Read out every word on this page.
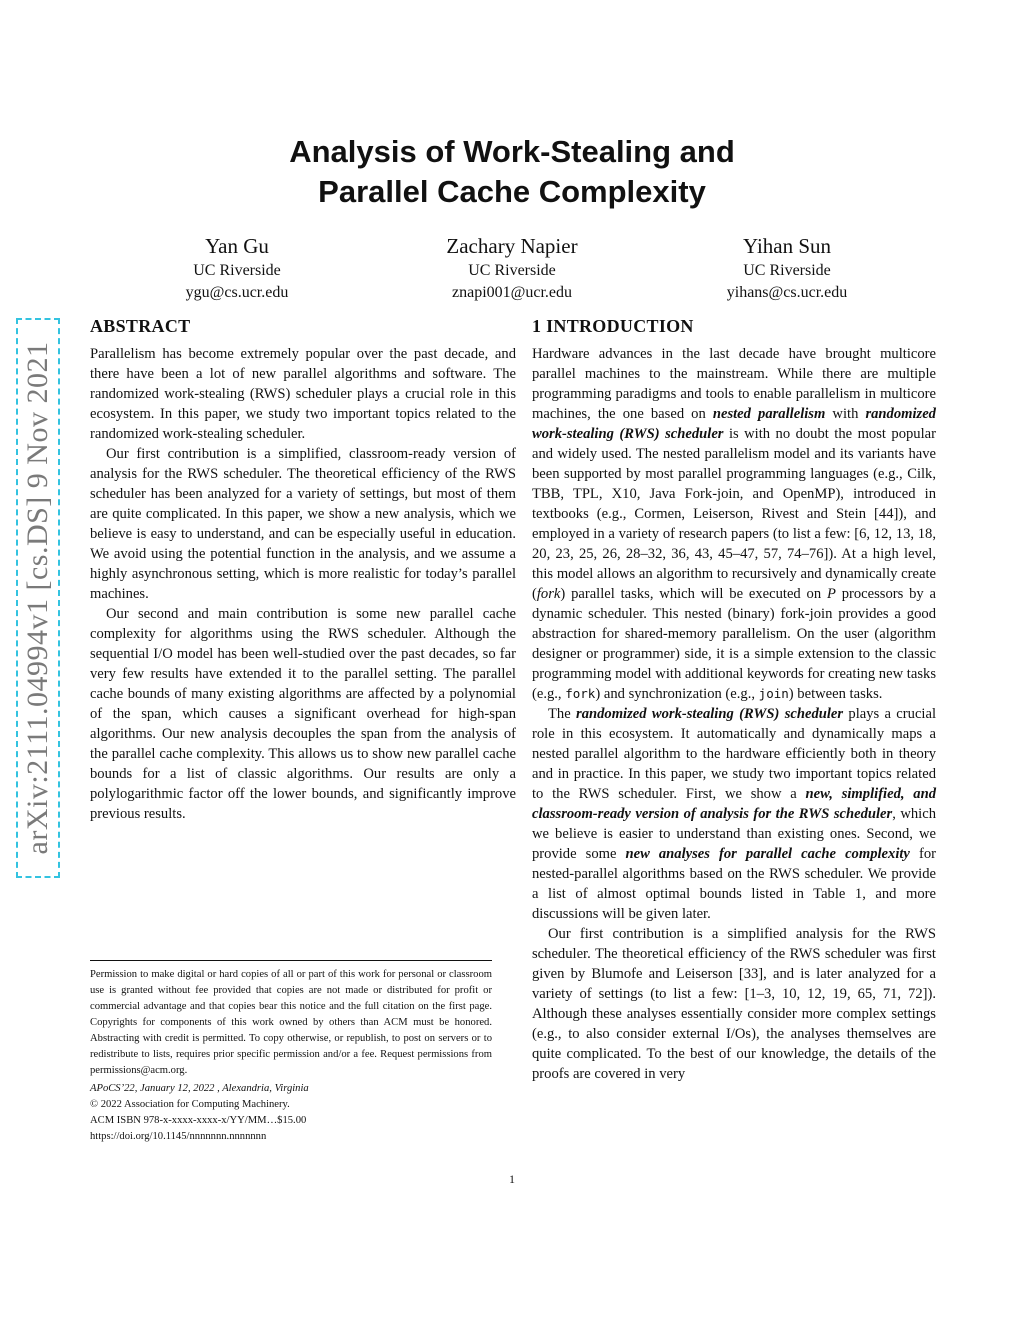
arXiv:2111.04994v1 [cs.DS] 9 Nov 2021
Analysis of Work-Stealing and
Parallel Cache Complexity
Yan Gu
UC Riverside
ygu@cs.ucr.edu
Zachary Napier
UC Riverside
znapi001@ucr.edu
Yihan Sun
UC Riverside
yihans@cs.ucr.edu
ABSTRACT

Parallelism has become extremely popular over the past decade, and there have been a lot of new parallel algorithms and software. The randomized work-stealing (RWS) scheduler plays a crucial role in this ecosystem. In this paper, we study two important topics related to the randomized work-stealing scheduler.

Our first contribution is a simplified, classroom-ready version of analysis for the RWS scheduler. The theoretical efficiency of the RWS scheduler has been analyzed for a variety of settings, but most of them are quite complicated. In this paper, we show a new analysis, which we believe is easy to understand, and can be especially useful in education. We avoid using the potential function in the analysis, and we assume a highly asynchronous setting, which is more realistic for today’s parallel machines.

Our second and main contribution is some new parallel cache complexity for algorithms using the RWS scheduler. Although the sequential I/O model has been well-studied over the past decades, so far very few results have extended it to the parallel setting. The parallel cache bounds of many existing algorithms are affected by a polynomial of the span, which causes a significant overhead for high-span algorithms. Our new analysis decouples the span from the analysis of the parallel cache complexity. This allows us to show new parallel cache bounds for a list of classic algorithms. Our results are only a polylogarithmic factor off the lower bounds, and significantly improve previous results.

Permission to make digital or hard copies of all or part of this work for personal or classroom use is granted without fee provided that copies are not made or distributed for profit or commercial advantage and that copies bear this notice and the full citation on the first page. Copyrights for components of this work owned by others than ACM must be honored. Abstracting with credit is permitted. To copy otherwise, or republish, to post on servers or to redistribute to lists, requires prior specific permission and/or a fee. Request permissions from permissions@acm.org.

APoCS’22, January 12, 2022 , Alexandria, Virginia

© 2022 Association for Computing Machinery.

ACM ISBN 978-x-xxxx-xxxx-x/YY/MM…$15.00

https://doi.org/10.1145/nnnnnnn.nnnnnnn

1 INTRODUCTION

Hardware advances in the last decade have brought multicore parallel machines to the mainstream. While there are multiple programming paradigms and tools to enable parallelism in multicore machines, the one based on nested parallelism with randomized work-stealing (RWS) scheduler is with no doubt the most popular and widely used. The nested parallelism model and its variants have been supported by most parallel programming languages (e.g., Cilk, TBB, TPL, X10, Java Fork-join, and OpenMP), introduced in textbooks (e.g., Cormen, Leiserson, Rivest and Stein [44]), and employed in a variety of research papers (to list a few: [6, 12, 13, 18, 20, 23, 25, 26, 28–32, 36, 43, 45–47, 57, 74–76]). At a high level, this model allows an algorithm to recursively and dynamically create (fork) parallel tasks, which will be executed on P processors by a dynamic scheduler. This nested (binary) fork-join provides a good abstraction for shared-memory parallelism. On the user (algorithm designer or programmer) side, it is a simple extension to the classic programming model with additional keywords for creating new tasks (e.g., fork) and synchronization (e.g., join) between tasks.

The randomized work-stealing (RWS) scheduler plays a crucial role in this ecosystem. It automatically and dynamically maps a nested parallel algorithm to the hardware efficiently both in theory and in practice. In this paper, we study two important topics related to the RWS scheduler. First, we show a new, simplified, and classroom-ready version of analysis for the RWS scheduler, which we believe is easier to understand than existing ones. Second, we provide some new analyses for parallel cache complexity for nested-parallel algorithms based on the RWS scheduler. We provide a list of almost optimal bounds listed in Table 1, and more discussions will be given later.

Our first contribution is a simplified analysis for the RWS scheduler. The theoretical efficiency of the RWS scheduler was first given by Blumofe and Leiserson [33], and is later analyzed for a variety of settings (to list a few: [1–3, 10, 12, 19, 65, 71, 72]). Although these analyses essentially consider more complex settings (e.g., to also consider external I/Os), the analyses themselves are quite complicated. To the best of our knowledge, the details of the proofs are covered in very

1
